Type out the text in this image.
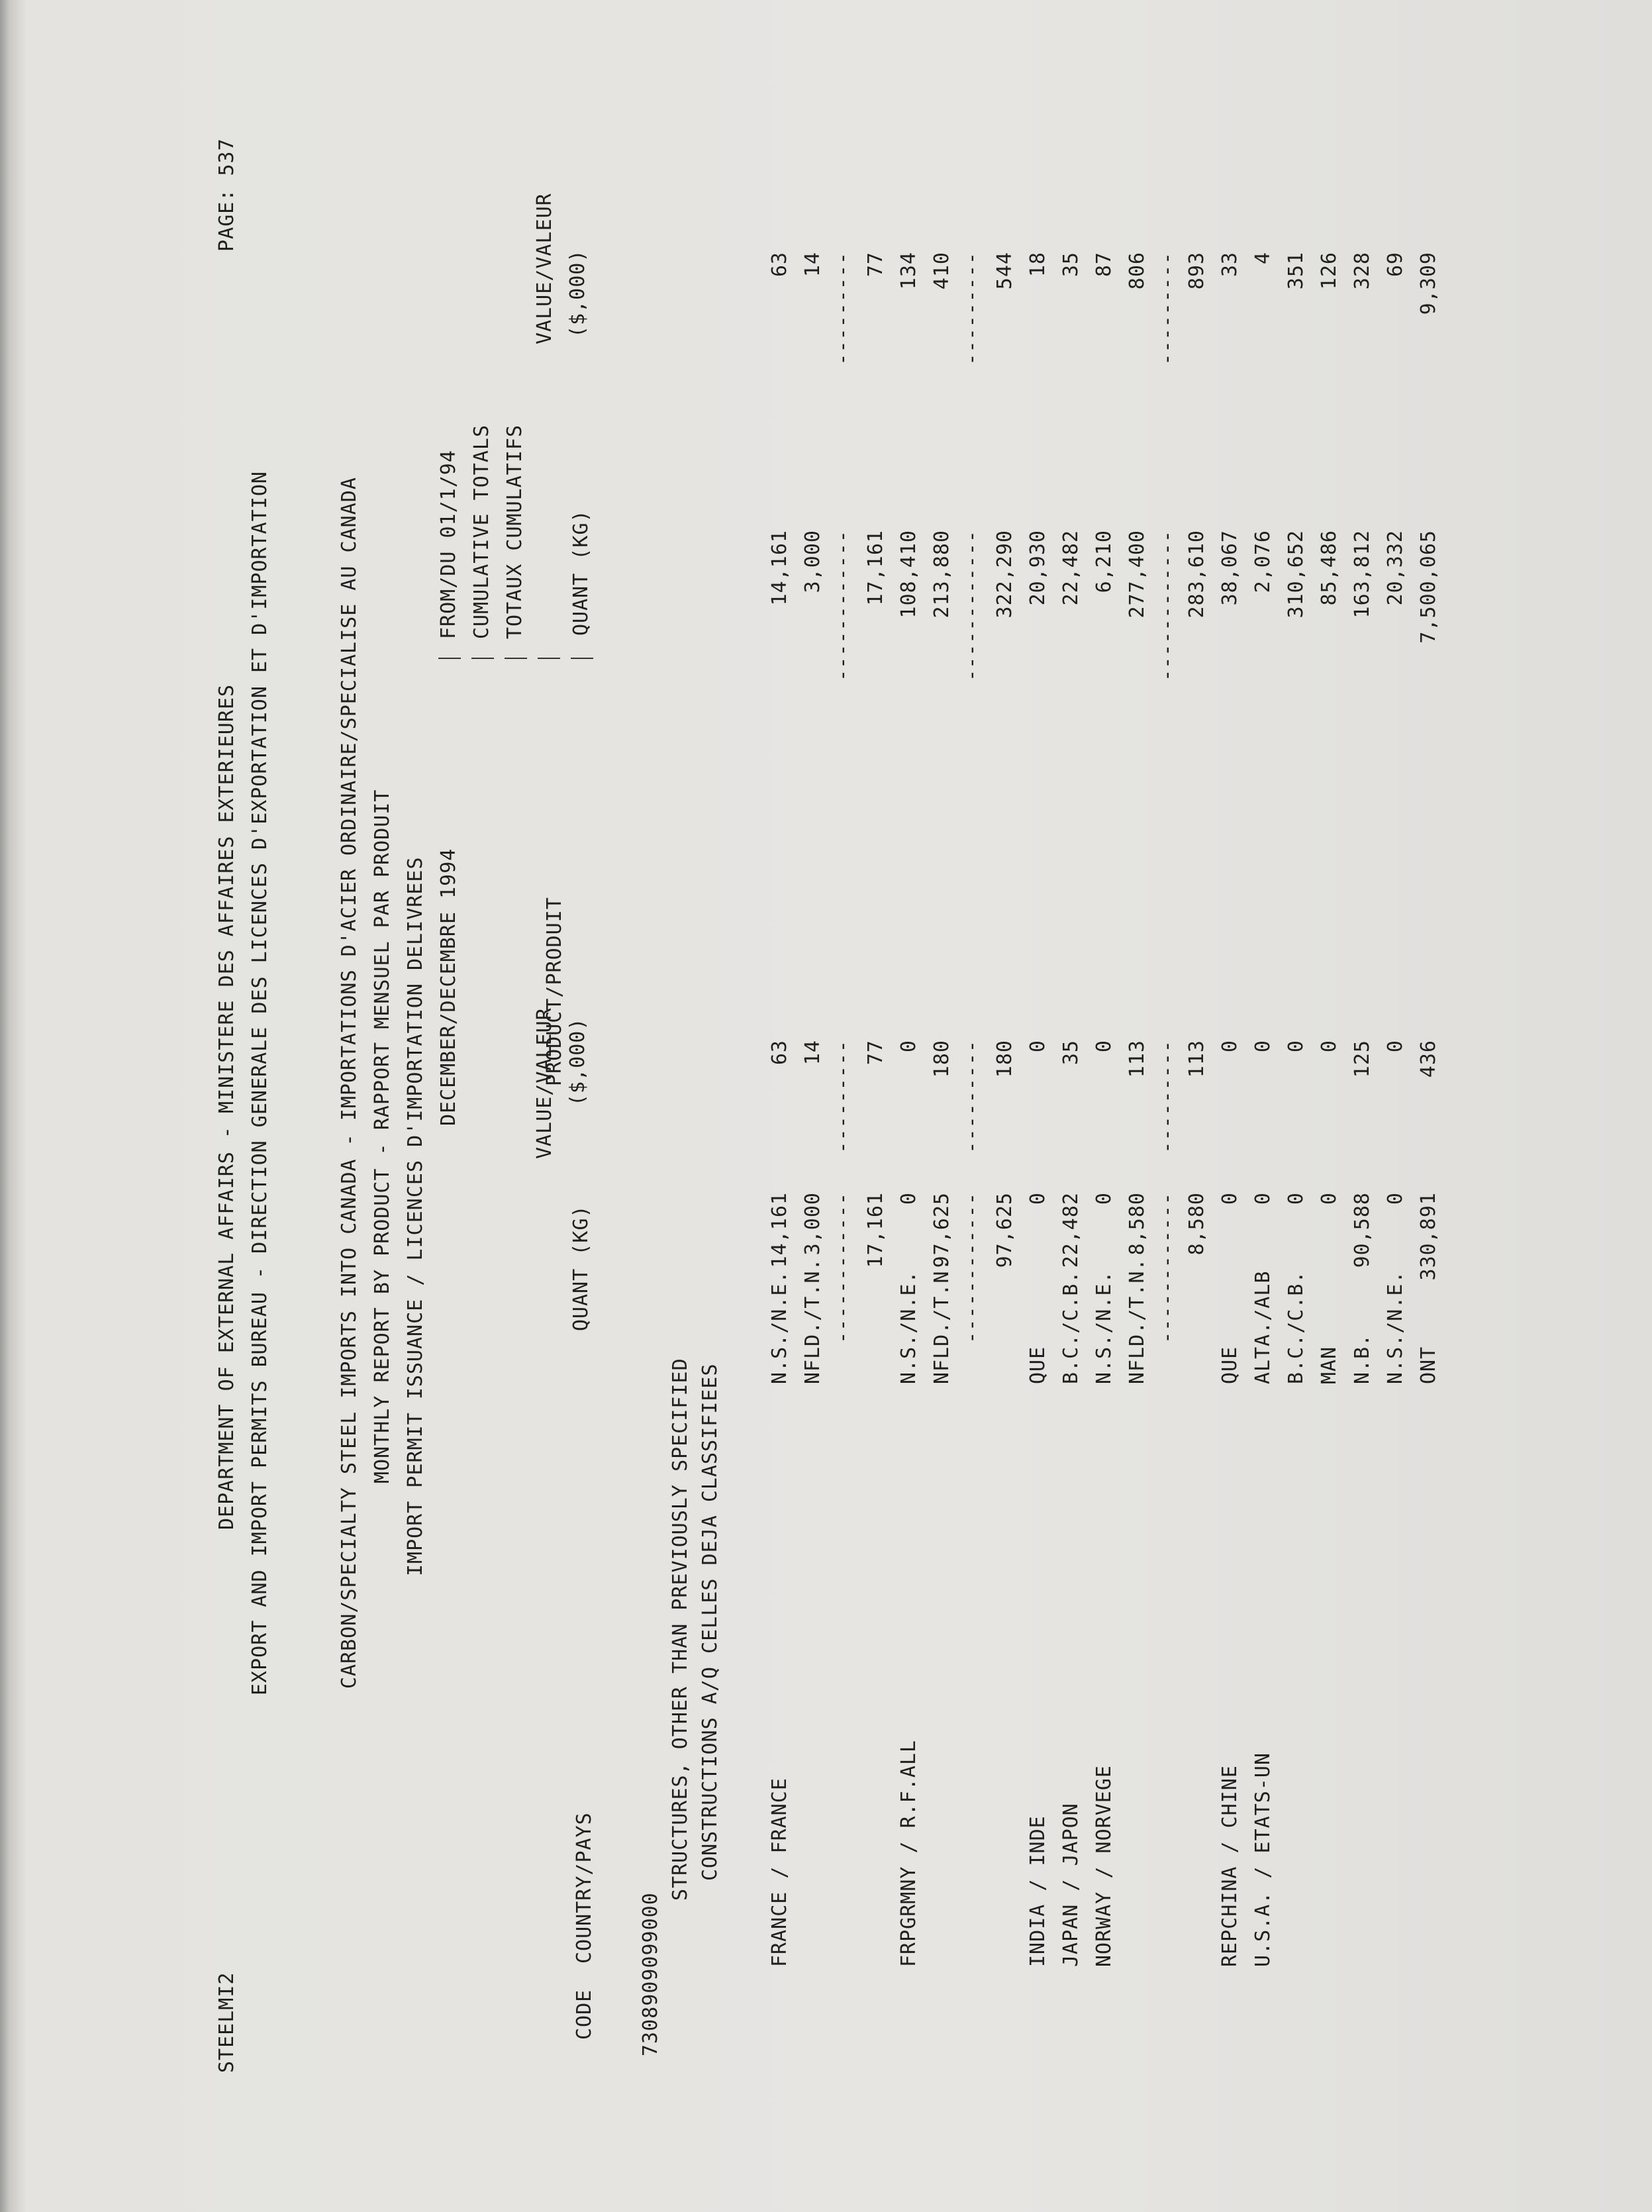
STEELMI2
DEPARTMENT OF EXTERNAL AFFAIRS - MINISTERE DES AFFAIRES EXTERIEURES
PAGE: 537
EXPORT AND IMPORT PERMITS BUREAU - DIRECTION GENERALE DES LICENCES D'EXPORTATION ET D'IMPORTATION	CARBON/SPECIALTY STEEL IMPORTS INTO CANADA - IMPORTATIONS D'ACIER ORDINAIRE/SPECIALISE AU CANADA MONTHLY REPORT BY PRODUCT - RAPPORT MENSUEL PAR PRODUIT IMPORT PERMIT ISSUANCE / LICENCES D'IMPORTATION DELIVREES DECEMBER/DECEMBRE 1994
FROM/DU 01/1/94 CUMULATIVE TOTALS TOTAUX CUMULATIFS
VALUE/VALEUR
VALUE/VALEUR
PRODUCT/PRODUIT
CODE
COUNTRY/PAYS
QUANT (KG)
($,000)
QUANT (KG)
($,000)
7308909099000
STRUCTURES, OTHER THAN PREVIOUSLY SPECIFIED CONSTRUCTIONS A/Q CELLES DEJA CLASSIFIEES FRANCE / FRANCE
N.S./N.E.
14,161
63
14,161
63
NFLD./T.N.
3,000
14
3,000
14
17,161
77
17,161
77
FRPGRMNY / R.F.ALL
N.S./N.E.
0
0
108,410
134
NFLD./T.N.
97,625
180
213,880
410
97,625
180
322,290
544
INDIA / INDE
QUE
0
0
20,930
18
JAPAN / JAPON
B.C./C.B.
22,482
35
22,482
35
NORWAY / NORVEGE
N.S./N.E.
0
0
6,210
87
NFLD./T.N.
8,580
113
277,400
806
8,580
113
283,610
893
REPCHINA / CHINE
QUE
0
0
38,067
33
U.S.A. / ETATS-UN
ALTA./ALB
0
0
2,076
4
B.C./C.B.
0
0
310,652
351
MAN
0
0
85,486
126
N.B.
90,588
125
163,812
328
N.S./N.E.
0
0
20,332
69
ONT
330,891
436
7,500,065
9,309
------------
---------
------------
---------
------------
---------
------------
---------
------------
---------
------------
---------
